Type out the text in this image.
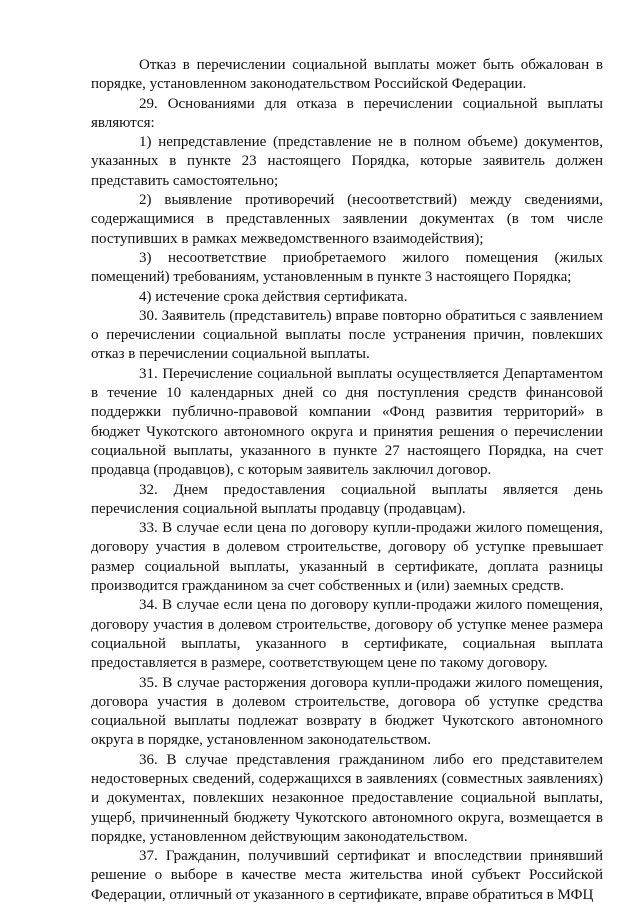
Отказ в перечислении социальной выплаты может быть обжалован в порядке, установленном законодательством Российской Федерации.

29. Основаниями для отказа в перечислении социальной выплаты являются:

1) непредставление (представление не в полном объеме) документов, указанных в пункте 23 настоящего Порядка, которые заявитель должен представить самостоятельно;

2) выявление противоречий (несоответствий) между сведениями, содержащимися в представленных заявлении документах (в том числе поступивших в рамках межведомственного взаимодействия);

3) несоответствие приобретаемого жилого помещения (жилых помещений) требованиям, установленным в пункте 3 настоящего Порядка;

4) истечение срока действия сертификата.

30. Заявитель (представитель) вправе повторно обратиться с заявлением о перечислении социальной выплаты после устранения причин, повлекших отказ в перечислении социальной выплаты.

31. Перечисление социальной выплаты осуществляется Департаментом в течение 10 календарных дней со дня поступления средств финансовой поддержки публично-правовой компании «Фонд развития территорий» в бюджет Чукотского автономного округа и принятия решения о перечислении социальной выплаты, указанного в пункте 27 настоящего Порядка, на счет продавца (продавцов), с которым заявитель заключил договор.

32. Днем предоставления социальной выплаты является день перечисления социальной выплаты продавцу (продавцам).

33. В случае если цена по договору купли-продажи жилого помещения, договору участия в долевом строительстве, договору об уступке превышает размер социальной выплаты, указанный в сертификате, доплата разницы производится гражданином за счет собственных и (или) заемных средств.

34. В случае если цена по договору купли-продажи жилого помещения, договору участия в долевом строительстве, договору об уступке менее размера социальной выплаты, указанного в сертификате, социальная выплата предоставляется в размере, соответствующем цене по такому договору.

35. В случае расторжения договора купли-продажи жилого помещения, договора участия в долевом строительстве, договора об уступке средства социальной выплаты подлежат возврату в бюджет Чукотского автономного округа в порядке, установленном законодательством.

36. В случае представления гражданином либо его представителем недостоверных сведений, содержащихся в заявлениях (совместных заявлениях) и документах, повлекших незаконное предоставление социальной выплаты, ущерб, причиненный бюджету Чукотского автономного округа, возмещается в порядке, установленном действующим законодательством.

37. Гражданин, получивший сертификат и впоследствии принявший решение о выборе в качестве места жительства иной субъект Российской Федерации, отличный от указанного в сертификате, вправе обратиться в МФЦ
